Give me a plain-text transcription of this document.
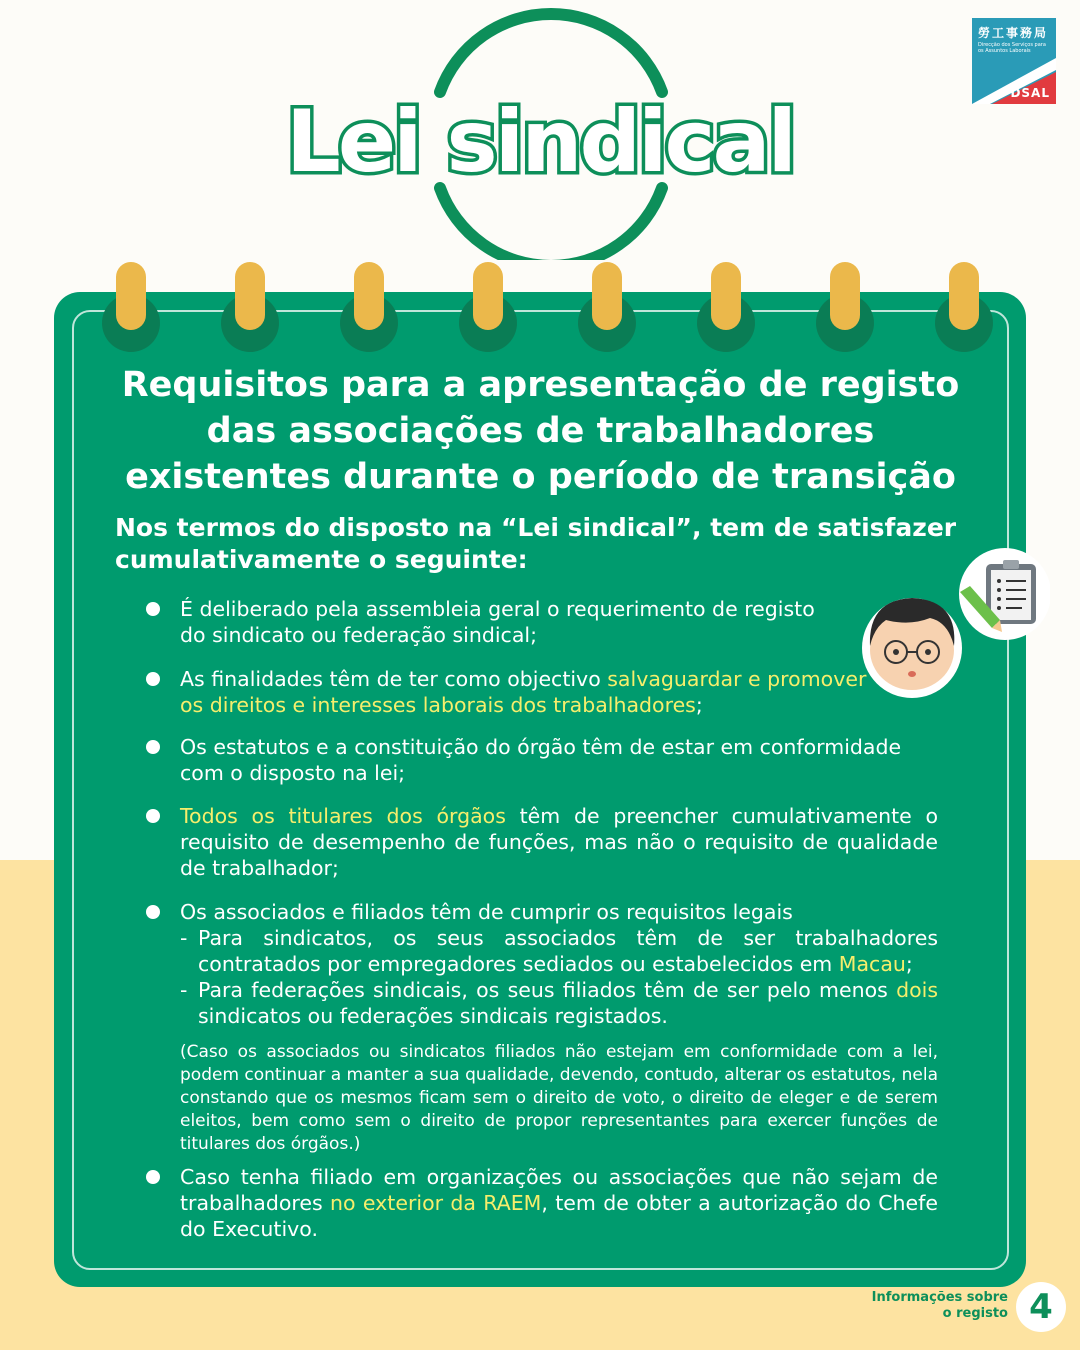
勞工事務局
Direcção dos Serviços para os Assuntos Laborais
DSAL
Lei sindical
Requisitos para a apresentação de registo
das associações de trabalhadores
existentes durante o período de transição
Nos termos do disposto na “Lei sindical”, tem de satisfazer
cumulativamente o seguinte:
É deliberado pela assembleia geral o requerimento de registo
do sindicato ou federação sindical;
As finalidades têm de ter como objectivo salvaguardar e promover os direitos e interesses laborais dos trabalhadores;
Os estatutos e a constituição do órgão têm de estar em conformidade com o disposto na lei;
Todos os titulares dos órgãos têm de preencher cumulativamente o requisito de desempenho de funções, mas não o requisito de qualidade de trabalhador;
Os associados e filiados têm de cumprir os requisitos legais
- Para sindicatos, os seus associados têm de ser trabalhadores contratados por empregadores sediados ou estabelecidos em Macau;
- Para federações sindicais, os seus filiados têm de ser pelo menos dois sindicatos ou federações sindicais registados.
(Caso os associados ou sindicatos filiados não estejam em conformidade com a lei, podem continuar a manter a sua qualidade, devendo, contudo, alterar os estatutos, nela constando que os mesmos ficam sem o direito de voto, o direito de eleger e de serem eleitos, bem como sem o direito de propor representantes para exercer funções de titulares dos órgãos.)
Caso tenha filiado em organizações ou associações que não sejam de trabalhadores no exterior da RAEM, tem de obter a autorização do Chefe do Executivo.
Informações sobre
o registo 4
